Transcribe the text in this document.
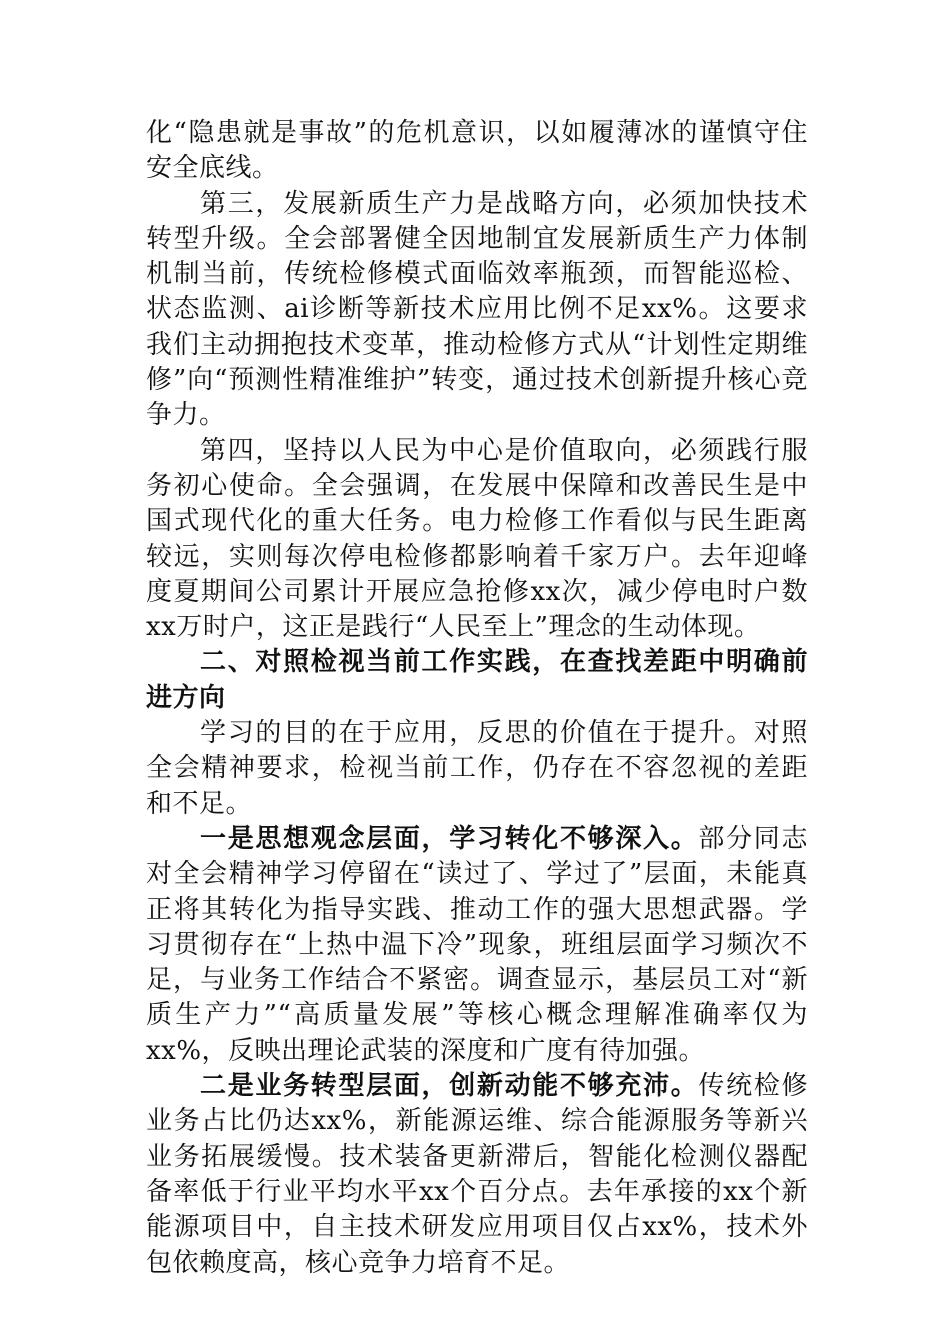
化“隐患就是事故”的危机意识，以如履薄冰的谨慎守住安全底线。

第三，发展新质生产力是战略方向，必须加快技术转型升级。全会部署健全因地制宜发展新质生产力体制机制当前，传统检修模式面临效率瓶颈，而智能巡检、状态监测、ai诊断等新技术应用比例不足xx%。这要求我们主动拥抱技术变革，推动检修方式从“计划性定期维修”向“预测性精准维护”转变，通过技术创新提升核心竞争力。

第四，坚持以人民为中心是价值取向，必须践行服务初心使命。全会强调，在发展中保障和改善民生是中国式现代化的重大任务。电力检修工作看似与民生距离较远，实则每次停电检修都影响着千家万户。去年迎峰度夏期间公司累计开展应急抢修xx次，减少停电时户数xx万时户，这正是践行“人民至上”理念的生动体现。

二、对照检视当前工作实践，在查找差距中明确前进方向

学习的目的在于应用，反思的价值在于提升。对照全会精神要求，检视当前工作，仍存在不容忽视的差距和不足。

一是思想观念层面，学习转化不够深入。部分同志对全会精神学习停留在“读过了、学过了”层面，未能真正将其转化为指导实践、推动工作的强大思想武器。学习贯彻存在“上热中温下冷”现象，班组层面学习频次不足，与业务工作结合不紧密。调查显示，基层员工对“新质生产力”“高质量发展”等核心概念理解准确率仅为xx%，反映出理论武装的深度和广度有待加强。

二是业务转型层面，创新动能不够充沛。传统检修业务占比仍达xx%，新能源运维、综合能源服务等新兴业务拓展缓慢。技术装备更新滞后，智能化检测仪器配备率低于行业平均水平xx个百分点。去年承接的xx个新能源项目中，自主技术研发应用项目仅占xx%，技术外包依赖度高，核心竞争力培育不足。
